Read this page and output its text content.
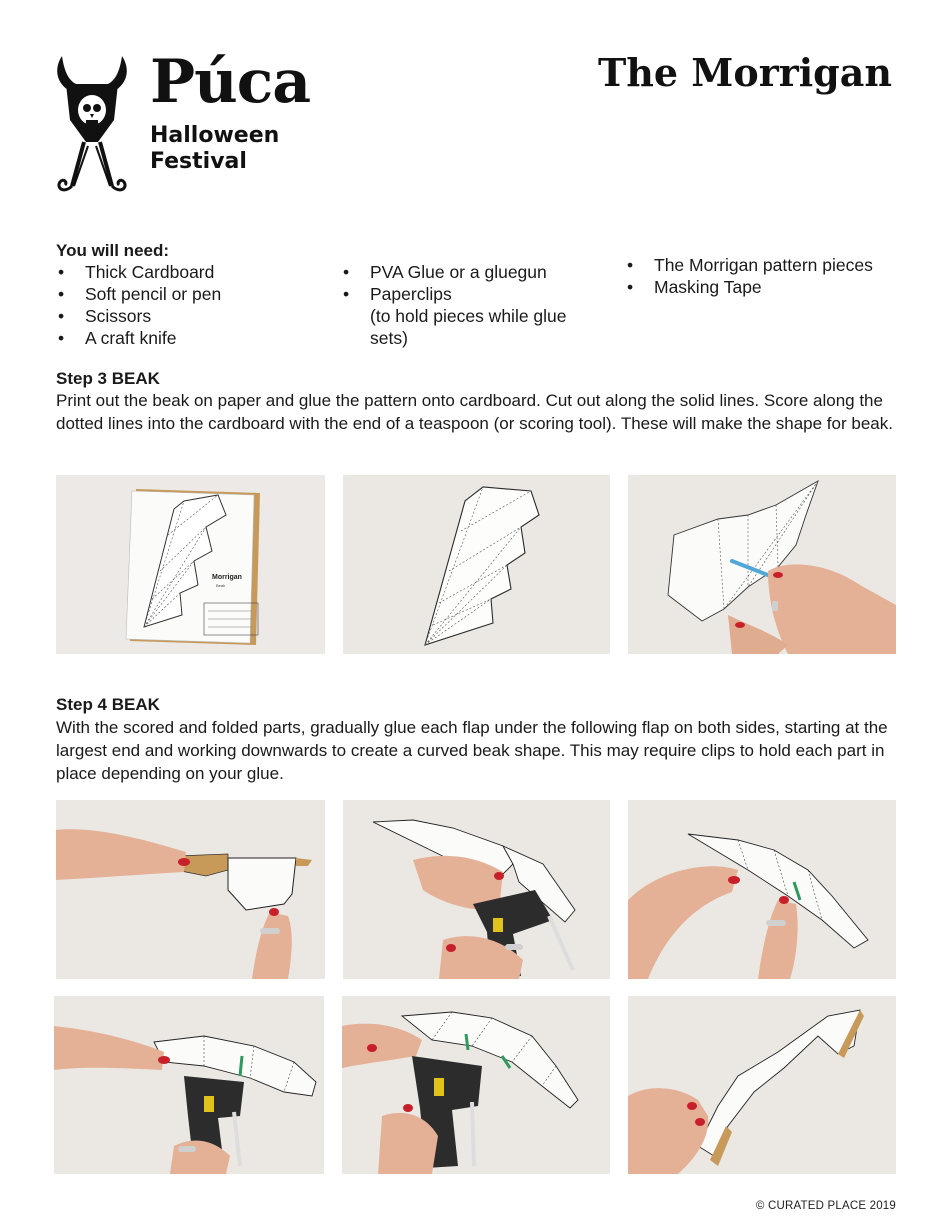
Púca
Halloween
Festival
The Morrigan
You will need:
• Thick Cardboard
• Soft pencil or pen
• Scissors
• A craft knife
• PVA Glue or a gluegun
• Paperclips
(to hold pieces while glue sets)
• The Morrigan pattern pieces
• Masking Tape
Step 3 BEAK
Print out the beak on paper and glue the pattern onto cardboard. Cut out along the solid lines. Score along the dotted lines into the cardboard with the end of a teaspoon (or scoring tool). These will make the shape for beak.
Morrigan
Beak
Step 4 BEAK
With the scored and folded parts, gradually glue each flap under the following flap on both sides, starting at the largest end and working downwards to create a curved beak shape. This may require clips to hold each part in place depending on your glue.
© CURATED PLACE 2019
